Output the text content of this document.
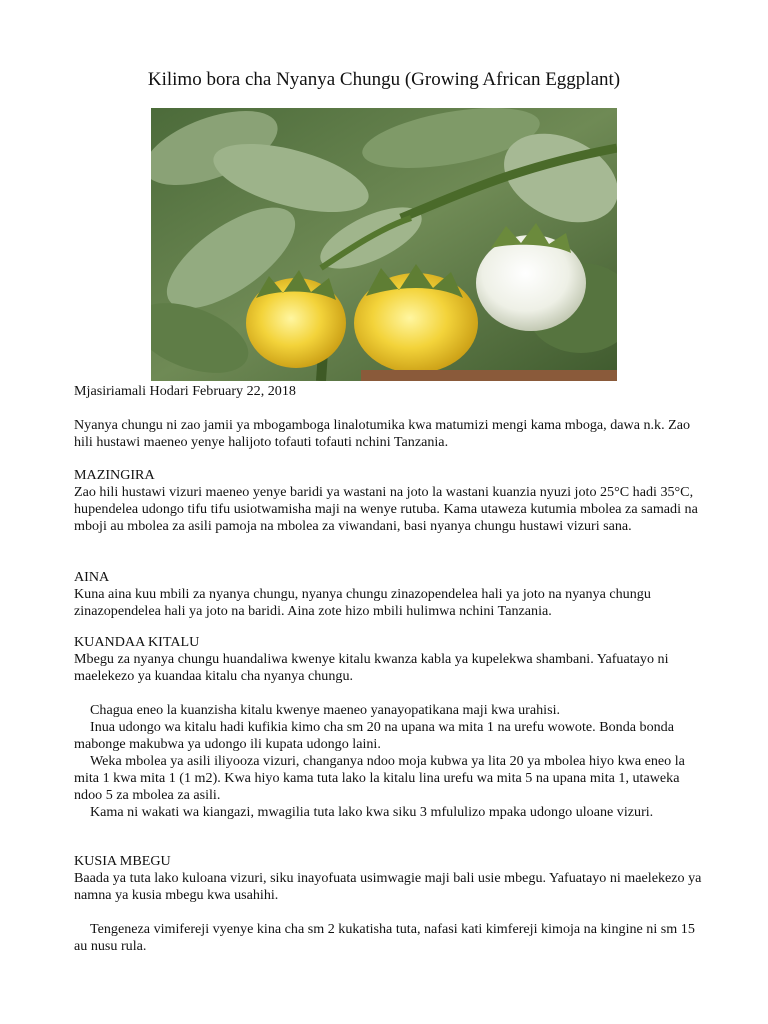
Kilimo bora cha Nyanya Chungu (Growing African Eggplant)
Mjasiriamali Hodari February 22, 2018
Nyanya chungu ni zao jamii ya mbogamboga linalotumika kwa matumizi mengi kama mboga, dawa n.k. Zao hili hustawi maeneo yenye halijoto tofauti tofauti nchini Tanzania.

MAZINGIRA

Zao hili hustawi vizuri maeneo yenye baridi ya wastani na joto la wastani kuanzia nyuzi joto 25°C hadi 35°C, hupendelea udongo tifu tifu usiotwamisha maji na wenye rutuba. Kama utaweza kutumia mbolea za samadi na mboji au mbolea za asili pamoja na mbolea za viwandani, basi nyanya chungu hustawi vizuri sana.

AINA

Kuna aina kuu mbili za nyanya chungu, nyanya chungu zinazopendelea hali ya joto na nyanya chungu zinazopendelea hali ya joto na baridi. Aina zote hizo mbili hulimwa nchini Tanzania.

KUANDAA KITALU

Mbegu za nyanya chungu huandaliwa kwenye kitalu kwanza kabla ya kupelekwa shambani. Yafuatayo ni maelekezo ya kuandaa kitalu cha nyanya chungu.

Chagua eneo la kuanzisha kitalu kwenye maeneo yanayopatikana maji kwa urahisi.

Inua udongo wa kitalu hadi kufikia kimo cha sm 20 na upana wa mita 1 na urefu wowote. Bonda bonda mabonge makubwa ya udongo ili kupata udongo laini.

Weka mbolea ya asili iliyooza vizuri, changanya ndoo moja kubwa ya lita 20 ya mbolea hiyo kwa eneo la mita 1 kwa mita 1 (1 m2). Kwa hiyo kama tuta lako la kitalu lina urefu wa mita 5 na upana mita 1, utaweka ndoo 5 za mbolea za asili.

Kama ni wakati wa kiangazi, mwagilia tuta lako kwa siku 3 mfululizo mpaka udongo uloane vizuri.

KUSIA MBEGU

Baada ya tuta lako kuloana vizuri, siku inayofuata usimwagie maji bali usie mbegu. Yafuatayo ni maelekezo ya namna ya kusia mbegu kwa usahihi.

Tengeneza vimifereji vyenye kina cha sm 2 kukatisha tuta, nafasi kati kimfereji kimoja na kingine ni sm 15 au nusu rula.
